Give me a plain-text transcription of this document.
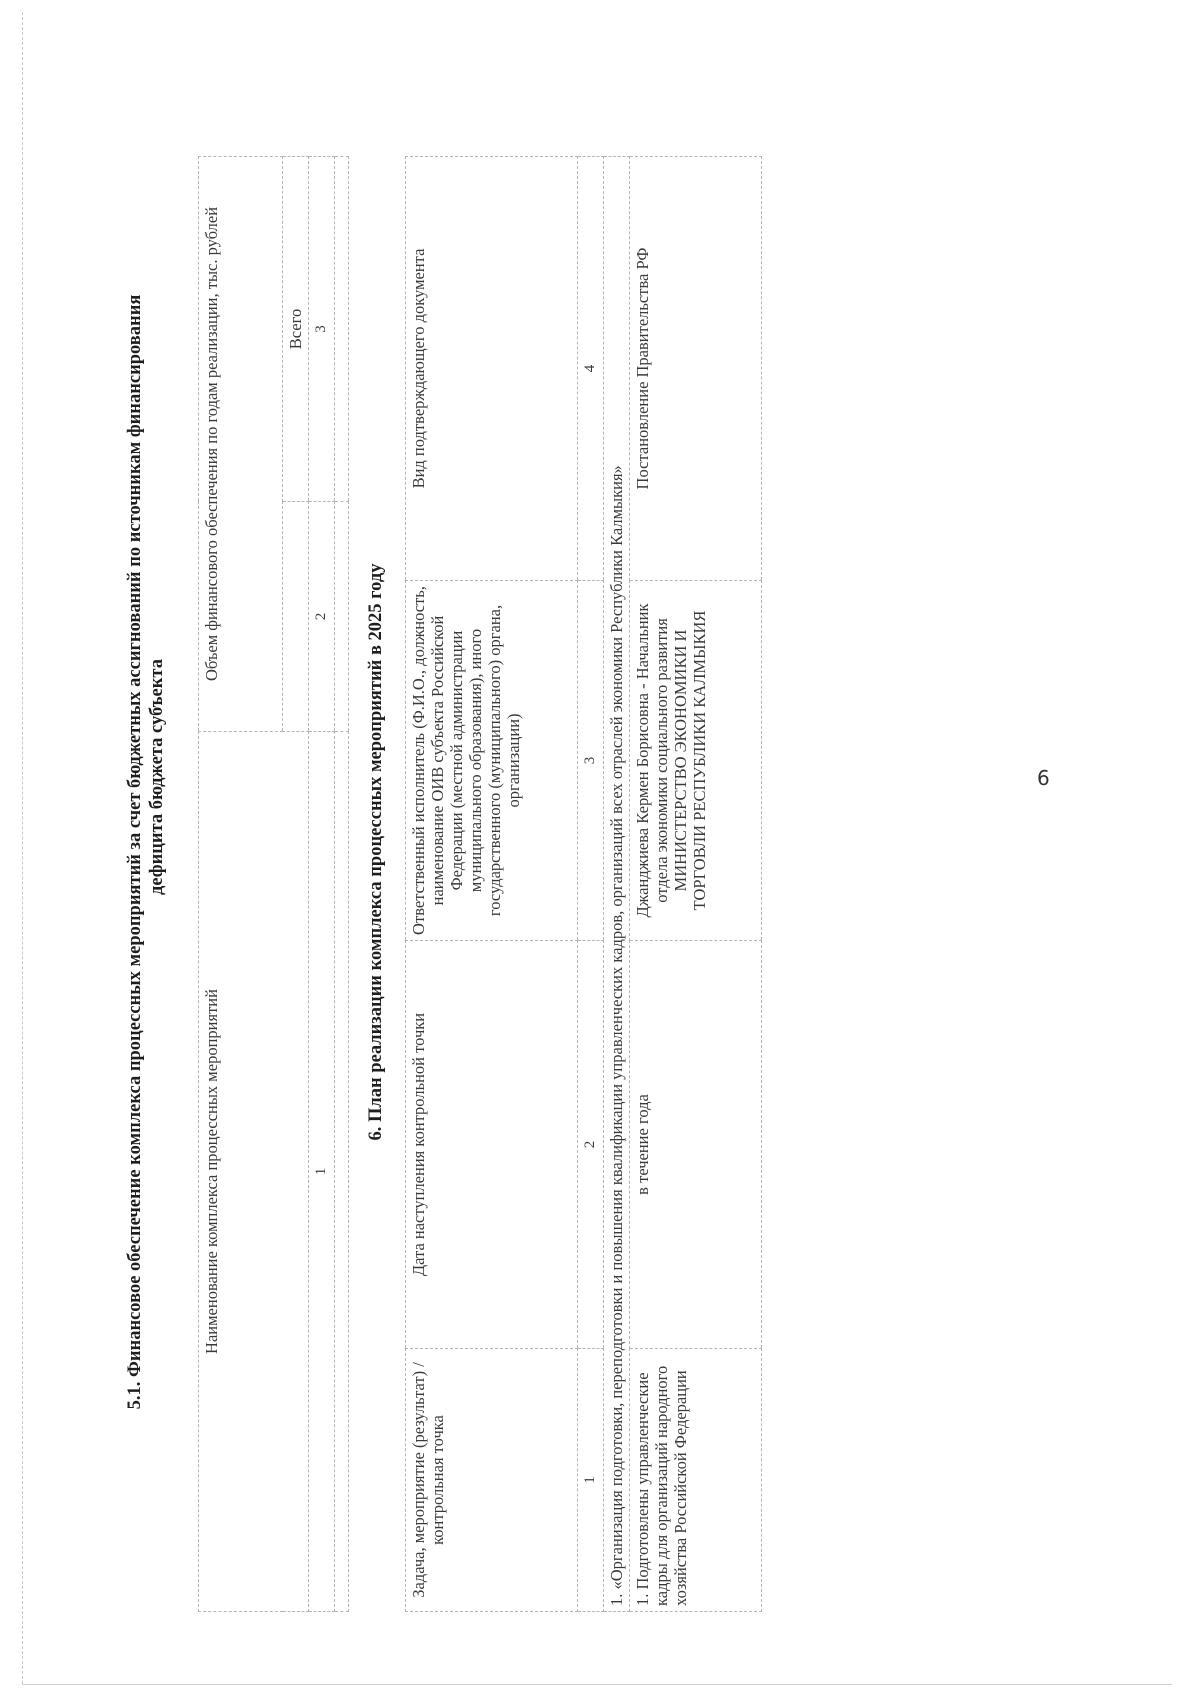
5.1. Финансовое обеспечение комплекса процессных мероприятий за счет бюджетных ассигнований по источникам финансирования дефицита бюджета субъекта
Наименование комплекса процессных мероприятий	Объем финансового обеспечения по годам реализации, тыс. рублей	
		Всего
1	2	3

6. План реализации комплекса процессных мероприятий в 2025 году
Задача, мероприятие (результат) / контрольная точка	Дата наступления контрольной точки	Ответственный исполнитель (Ф.И.О., должность, наименование ОИВ субъекта Российской Федерации (местной администрации муниципального образования), иного государственного (муниципального) органа, организации)	Вид подтверждающего документа
1	2	3	4
1. «Организация подготовки, переподготовки и повышения квалификации управленческих кадров, организаций всех отраслей экономики Республики Калмыкия»			
1. Подготовлены управленческие кадры для организаций народного хозяйства Российской Федерации	в течение года	Джанджиева Кермен Борисовна - Начальник отдела экономики социального развития МИНИСТЕРСТВО ЭКОНОМИКИ И ТОРГОВЛИ РЕСПУБЛИКИ КАЛМЫКИЯ	Постановление Правительства РФ
6
